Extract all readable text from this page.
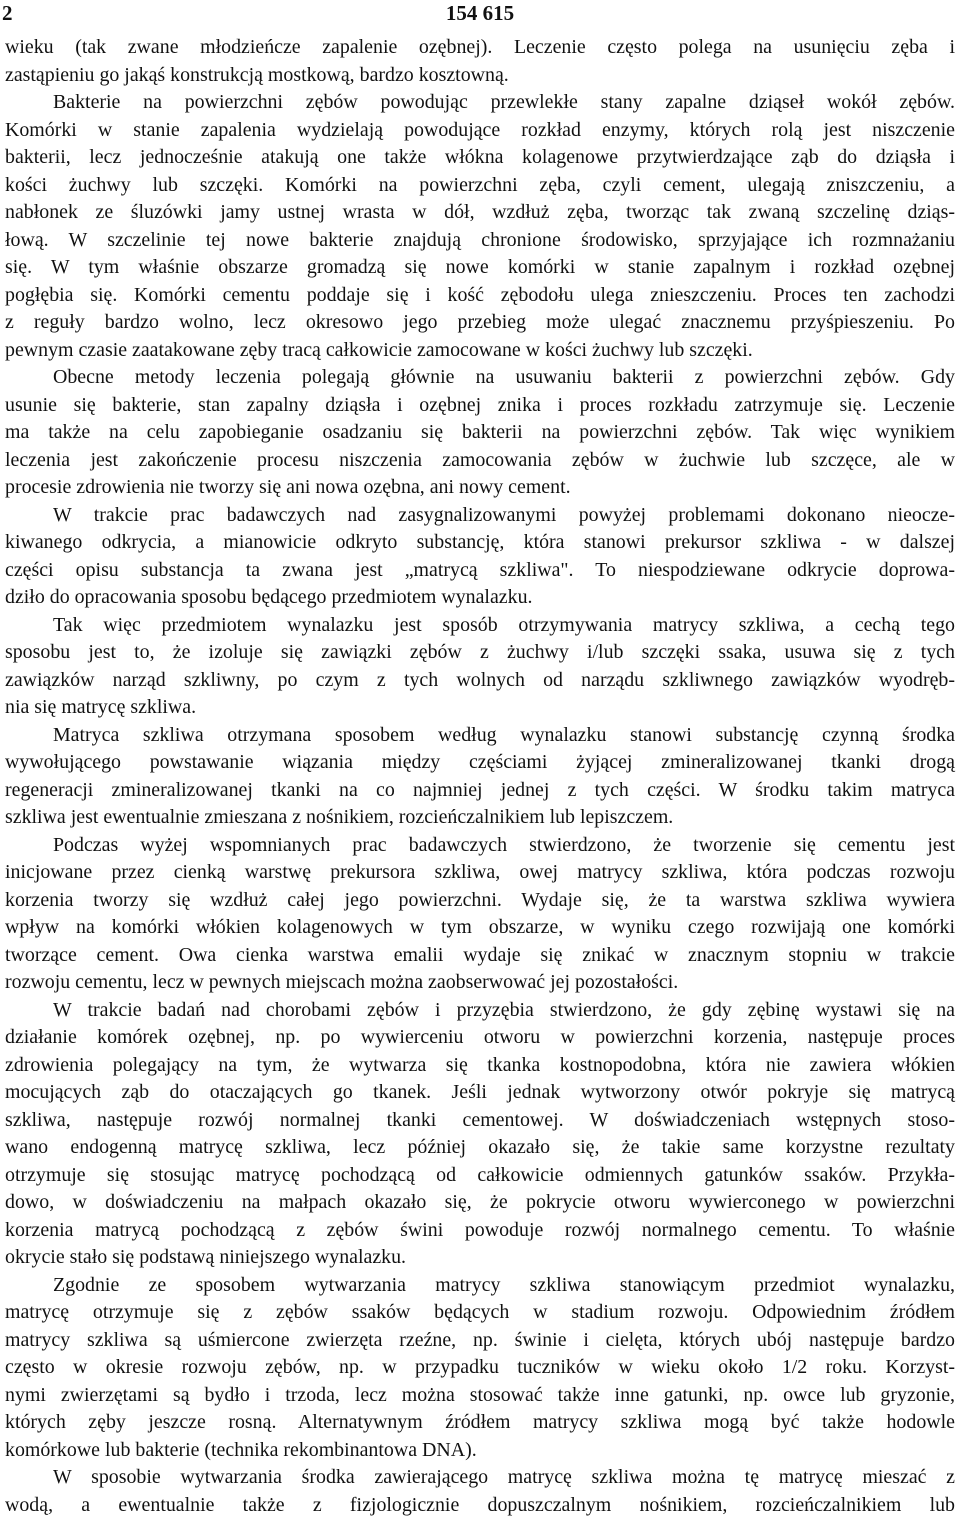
2	154 615

wieku (tak zwane młodzieńcze zapalenie ozębnej). Leczenie często polega na usunięciu zęba i

zastąpieniu go jakąś konstrukcją mostkową, bardzo kosztowną.

Bakterie na powierzchni zębów powodując przewlekłe stany zapalne dziąseł wokół zębów.

Komórki w stanie zapalenia wydzielają powodujące rozkład enzymy, których rolą jest niszczenie

bakterii, lecz jednocześnie atakują one także włókna kolagenowe przytwierdzające ząb do dziąsła i

kości żuchwy lub szczęki. Komórki na powierzchni zęba, czyli cement, ulegają zniszczeniu, a

nabłonek ze śluzówki jamy ustnej wrasta w dół, wzdłuż zęba, tworząc tak zwaną szczelinę dziąs-

łową. W szczelinie tej nowe bakterie znajdują chronione środowisko, sprzyjające ich rozmnażaniu

się. W tym właśnie obszarze gromadzą się nowe komórki w stanie zapalnym i rozkład ozębnej

pogłębia się. Komórki cementu poddaje się i kość zębodołu ulega znieszczeniu. Proces ten zachodzi

z reguły bardzo wolno, lecz okresowo jego przebieg może ulegać znacznemu przyśpieszeniu. Po

pewnym czasie zaatakowane zęby tracą całkowicie zamocowane w kości żuchwy lub szczęki.

Obecne metody leczenia polegają głównie na usuwaniu bakterii z powierzchni zębów. Gdy

usunie się bakterie, stan zapalny dziąsła i ozębnej znika i proces rozkładu zatrzymuje się. Leczenie

ma także na celu zapobieganie osadzaniu się bakterii na powierzchni zębów. Tak więc wynikiem

leczenia jest zakończenie procesu niszczenia zamocowania zębów w żuchwie lub szczęce, ale w

procesie zdrowienia nie tworzy się ani nowa ozębna, ani nowy cement.

W trakcie prac badawczych nad zasygnalizowanymi powyżej problemami dokonano nieocze-

kiwanego odkrycia, a mianowicie odkryto substancję, która stanowi prekursor szkliwa - w dalszej

części opisu substancja ta zwana jest „matrycą szkliwa". To niespodziewane odkrycie doprowa-

dziło do opracowania sposobu będącego przedmiotem wynalazku.

Tak więc przedmiotem wynalazku jest sposób otrzymywania matrycy szkliwa, a cechą tego

sposobu jest to, że izoluje się zawiązki zębów z żuchwy i/lub szczęki ssaka, usuwa się z tych

zawiązków narząd szkliwny, po czym z tych wolnych od narządu szkliwnego zawiązków wyodręb-

nia się matrycę szkliwa.

Matryca szkliwa otrzymana sposobem według wynalazku stanowi substancję czynną środka

wywołującego powstawanie wiązania między częściami żyjącej zmineralizowanej tkanki drogą

regeneracji zmineralizowanej tkanki na co najmniej jednej z tych części. W środku takim matryca

szkliwa jest ewentualnie zmieszana z nośnikiem, rozcieńczalnikiem lub lepiszczem.

Podczas wyżej wspomnianych prac badawczych stwierdzono, że tworzenie się cementu jest

inicjowane przez cienką warstwę prekursora szkliwa, owej matrycy szkliwa, która podczas rozwoju

korzenia tworzy się wzdłuż całej jego powierzchni. Wydaje się, że ta warstwa szkliwa wywiera

wpływ na komórki włókien kolagenowych w tym obszarze, w wyniku czego rozwijają one komórki

tworzące cement. Owa cienka warstwa emalii wydaje się znikać w znacznym stopniu w trakcie

rozwoju cementu, lecz w pewnych miejscach można zaobserwować jej pozostałości.

W trakcie badań nad chorobami zębów i przyzębia stwierdzono, że gdy zębinę wystawi się na

działanie komórek ozębnej, np. po wywierceniu otworu w powierzchni korzenia, następuje proces

zdrowienia polegający na tym, że wytwarza się tkanka kostnopodobna, która nie zawiera włókien

mocujących ząb do otaczających go tkanek. Jeśli jednak wytworzony otwór pokryje się matrycą

szkliwa, następuje rozwój normalnej tkanki cementowej. W doświadczeniach wstępnych stoso-

wano endogenną matrycę szkliwa, lecz później okazało się, że takie same korzystne rezultaty

otrzymuje się stosując matrycę pochodzącą od całkowicie odmiennych gatunków ssaków. Przykła-

dowo, w doświadczeniu na małpach okazało się, że pokrycie otworu wywierconego w powierzchni

korzenia matrycą pochodzącą z zębów świni powoduje rozwój normalnego cementu. To właśnie

okrycie stało się podstawą niniejszego wynalazku.

Zgodnie ze sposobem wytwarzania matrycy szkliwa stanowiącym przedmiot wynalazku,

matrycę otrzymuje się z zębów ssaków będących w stadium rozwoju. Odpowiednim źródłem

matrycy szkliwa są uśmiercone zwierzęta rzeźne, np. świnie i cielęta, których ubój następuje bardzo

często w okresie rozwoju zębów, np. w przypadku tuczników w wieku około 1/2 roku. Korzyst-

nymi zwierzętami są bydło i trzoda, lecz można stosować także inne gatunki, np. owce lub gryzonie,

których zęby jeszcze rosną. Alternatywnym źródłem matrycy szkliwa mogą być także hodowle

komórkowe lub bakterie (technika rekombinantowa DNA).

W sposobie wytwarzania środka zawierającego matrycę szkliwa można tę matrycę mieszać z

wodą, a ewentualnie także z fizjologicznie dopuszczalnym nośnikiem, rozcieńczalnikiem lub
